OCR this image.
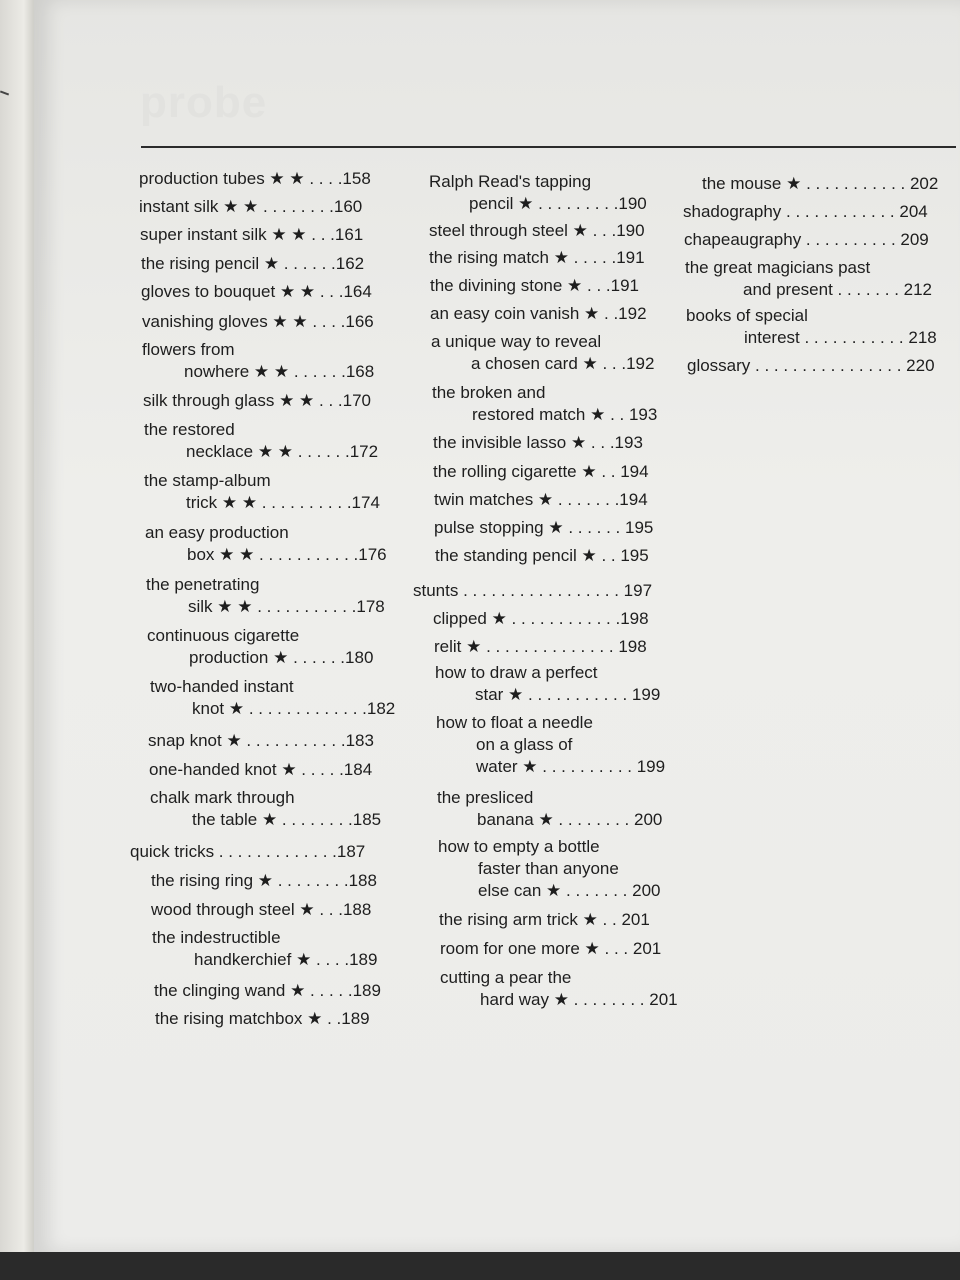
probe
production tubes ★ ★ . . . .158
instant silk ★ ★ . . . . . . . .160
super instant silk ★ ★ . . .161
the rising pencil ★ . . . . . .162
gloves to bouquet ★ ★ . . .164
vanishing gloves ★ ★ . . . .166
flowers from
nowhere ★ ★ . . . . . .168
silk through glass ★ ★ . . .170
the restored
necklace ★ ★ . . . . . .172
the stamp-album
trick ★ ★ . . . . . . . . . .174
an easy production
box ★ ★ . . . . . . . . . . .176
the penetrating
silk ★ ★ . . . . . . . . . . .178
continuous cigarette
production ★ . . . . . .180
two-handed instant
knot ★ . . . . . . . . . . . . .182
snap knot ★ . . . . . . . . . . .183
one-handed knot ★ . . . . .184
chalk mark through
the table ★ . . . . . . . .185
quick tricks . . . . . . . . . . . . .187
the rising ring ★ . . . . . . . .188
wood through steel ★ . . .188
the indestructible
handkerchief ★ . . . .189
the clinging wand ★ . . . . .189
the rising matchbox ★ . .189
Ralph Read's tapping
pencil ★ . . . . . . . . .190
steel through steel ★ . . .190
the rising match ★ . . . . .191
the divining stone ★ . . .191
an easy coin vanish ★ . .192
a unique way to reveal
a chosen card ★ . . .192
the broken and
restored match ★ . . 193
the invisible lasso ★ . . .193
the rolling cigarette ★ . . 194
twin matches ★ . . . . . . .194
pulse stopping ★ . . . . . . 195
the standing pencil ★ . . 195
stunts . . . . . . . . . . . . . . . . . 197
clipped ★ . . . . . . . . . . . .198
relit ★ . . . . . . . . . . . . . . 198
how to draw a perfect
star ★ . . . . . . . . . . . 199
how to float a needle
on a glass of
water ★ . . . . . . . . . . 199
the presliced
banana ★ . . . . . . . . 200
how to empty a bottle
faster than anyone
else can ★ . . . . . . . 200
the rising arm trick ★ . . 201
room for one more ★ . . . 201
cutting a pear the
hard way ★ . . . . . . . . 201
the mouse ★ . . . . . . . . . . . 202
shadography . . . . . . . . . . . . 204
chapeaugraphy . . . . . . . . . . 209
the great magicians past
and present . . . . . . . 212
books of special
interest . . . . . . . . . . . 218
glossary . . . . . . . . . . . . . . . . 220
